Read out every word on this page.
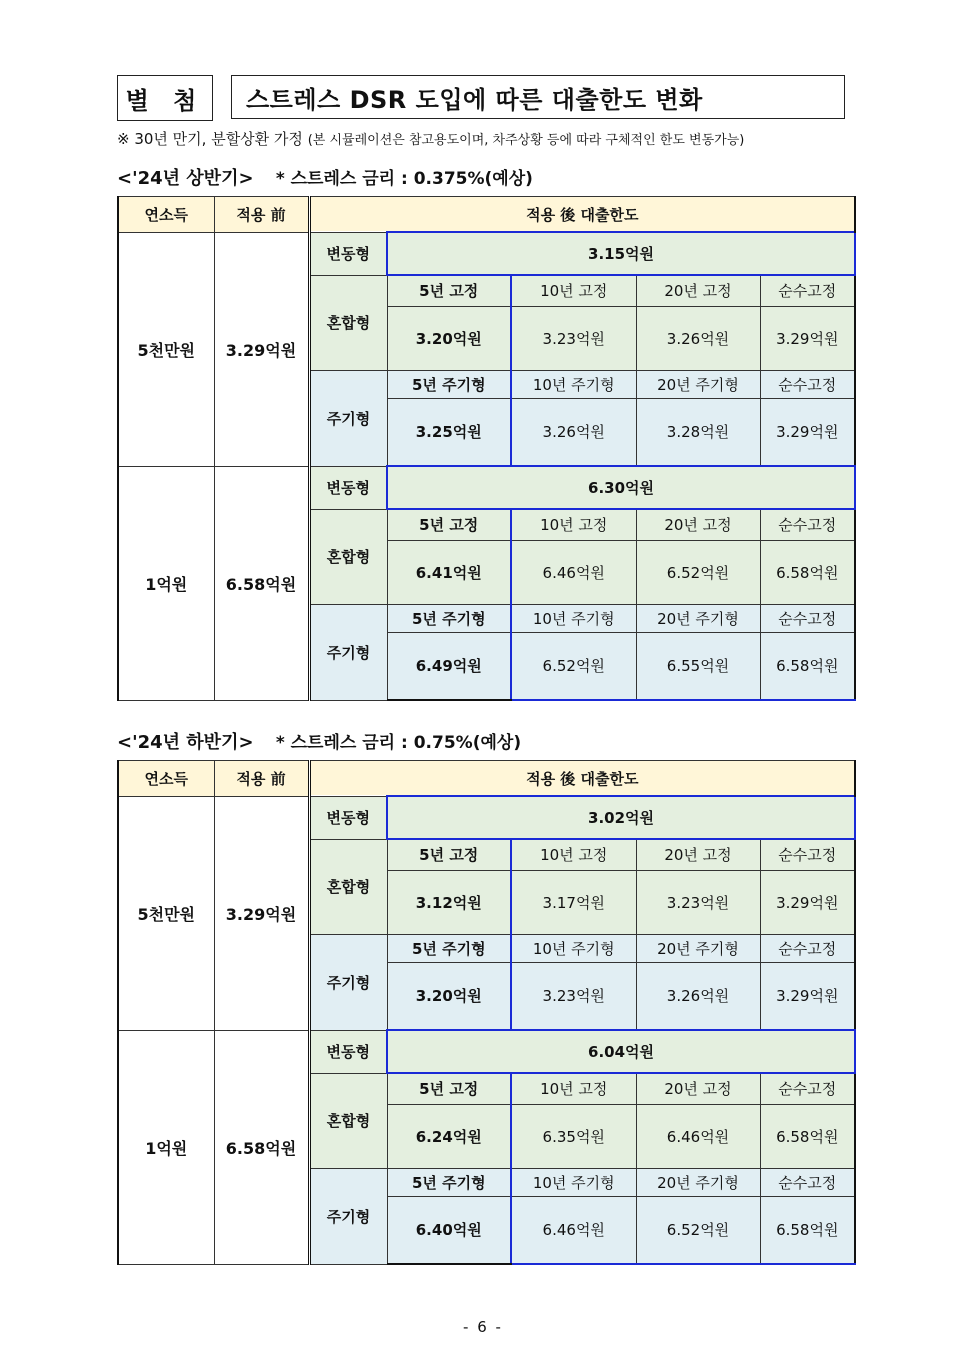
별 첨	스트레스 DSR 도입에 따른 대출한도 변화
※ 30년 만기, 분할상환 가정 (본 시뮬레이션은 참고용도이며, 차주상황 등에 따라 구체적인 한도 변동가능)
<'24년 상반기> * 스트레스 금리 : 0.375%(예상)
연소득	적용 前	적용 後 대출한도				
5천만원	3.29억원	변동형	3.15억원			
		혼합형	5년 고정	10년 고정	20년 고정	순수고정
			3.20억원	3.23억원	3.26억원	3.29억원
		주기형	5년 주기형	10년 주기형	20년 주기형	순수고정
			3.25억원	3.26억원	3.28억원	3.29억원
1억원	6.58억원	변동형	6.30억원			
		혼합형	5년 고정	10년 고정	20년 고정	순수고정
			6.41억원	6.46억원	6.52억원	6.58억원
		주기형	5년 주기형	10년 주기형	20년 주기형	순수고정
			6.49억원	6.52억원	6.55억원	6.58억원
<'24년 하반기> * 스트레스 금리 : 0.75%(예상)
연소득	적용 前	적용 後 대출한도				
5천만원	3.29억원	변동형	3.02억원			
		혼합형	5년 고정	10년 고정	20년 고정	순수고정
			3.12억원	3.17억원	3.23억원	3.29억원
		주기형	5년 주기형	10년 주기형	20년 주기형	순수고정
			3.20억원	3.23억원	3.26억원	3.29억원
1억원	6.58억원	변동형	6.04억원			
		혼합형	5년 고정	10년 고정	20년 고정	순수고정
			6.24억원	6.35억원	6.46억원	6.58억원
		주기형	5년 주기형	10년 주기형	20년 주기형	순수고정
			6.40억원	6.46억원	6.52억원	6.58억원
- 6 -
